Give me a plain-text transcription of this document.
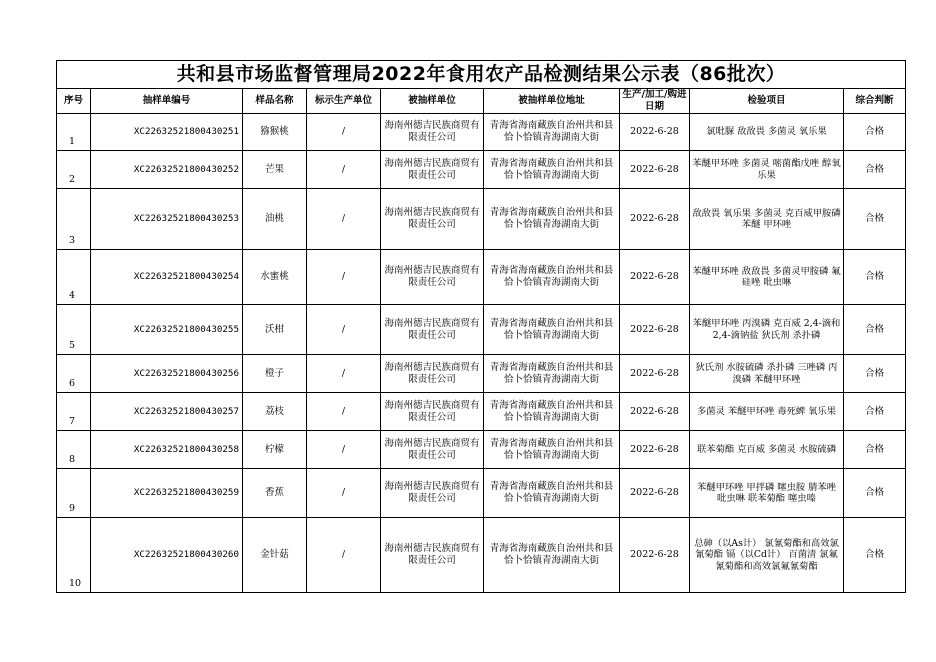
共和县市场监督管理局2022年食用农产品检测结果公示表（86批次）								
序号	抽样单编号	样品名称	标示生产单位	被抽样单位	被抽样单位地址	生产/加工/购进日期	检验项目	综合判断
1	XC22632521800430251	猕猴桃	/	海南州德吉民族商贸有限责任公司	青海省海南藏族自治州共和县恰卜恰镇青海湖南大街	2022-6-28	氯吡脲 敌敌畏 多菌灵 氧乐果	合格
2	XC22632521800430252	芒果	/	海南州德吉民族商贸有限责任公司	青海省海南藏族自治州共和县恰卜恰镇青海湖南大街	2022-6-28	苯醚甲环唑 多菌灵 嘧菌酯戊唑 醇氧乐果	合格
3	XC22632521800430253	油桃	/	海南州德吉民族商贸有限责任公司	青海省海南藏族自治州共和县恰卜恰镇青海湖南大街	2022-6-28	敌敌畏 氧乐果 多菌灵 克百威甲胺磷苯醚 甲环唑	合格
4	XC22632521800430254	水蜜桃	/	海南州德吉民族商贸有限责任公司	青海省海南藏族自治州共和县恰卜恰镇青海湖南大街	2022-6-28	苯醚甲环唑 敌敌畏 多菌灵甲胺磷 氟硅唑 吡虫啉	合格
5	XC22632521800430255	沃柑	/	海南州德吉民族商贸有限责任公司	青海省海南藏族自治州共和县恰卜恰镇青海湖南大街	2022-6-28	苯醚甲环唑 丙溴磷 克百威 2,4-滴和2,4-滴钠盐 狄氏剂 杀扑磷	合格
6	XC22632521800430256	橙子	/	海南州德吉民族商贸有限责任公司	青海省海南藏族自治州共和县恰卜恰镇青海湖南大街	2022-6-28	狄氏剂 水胺硫磷 杀扑磷 三唑磷 丙溴磷 苯醚甲环唑	合格
7	XC22632521800430257	荔枝	/	海南州德吉民族商贸有限责任公司	青海省海南藏族自治州共和县恰卜恰镇青海湖南大街	2022-6-28	多菌灵 苯醚甲环唑 毒死蜱 氧乐果	合格
8	XC22632521800430258	柠檬	/	海南州德吉民族商贸有限责任公司	青海省海南藏族自治州共和县恰卜恰镇青海湖南大街	2022-6-28	联苯菊酯 克百威 多菌灵 水胺硫磷	合格
9	XC22632521800430259	香蕉	/	海南州德吉民族商贸有限责任公司	青海省海南藏族自治州共和县恰卜恰镇青海湖南大街	2022-6-28	苯醚甲环唑 甲拌磷 噻虫胺 腈苯唑 吡虫啉 联苯菊酯 噻虫嗪	合格
10	XC22632521800430260	金针菇	/	海南州德吉民族商贸有限责任公司	青海省海南藏族自治州共和县恰卜恰镇青海湖南大街	2022-6-28	总砷（以As计） 氯氰菊酯和高效氯氰菊酯 镉（以Cd计） 百菌清 氯氟氰菊酯和高效氯氟氰菊酯	合格
